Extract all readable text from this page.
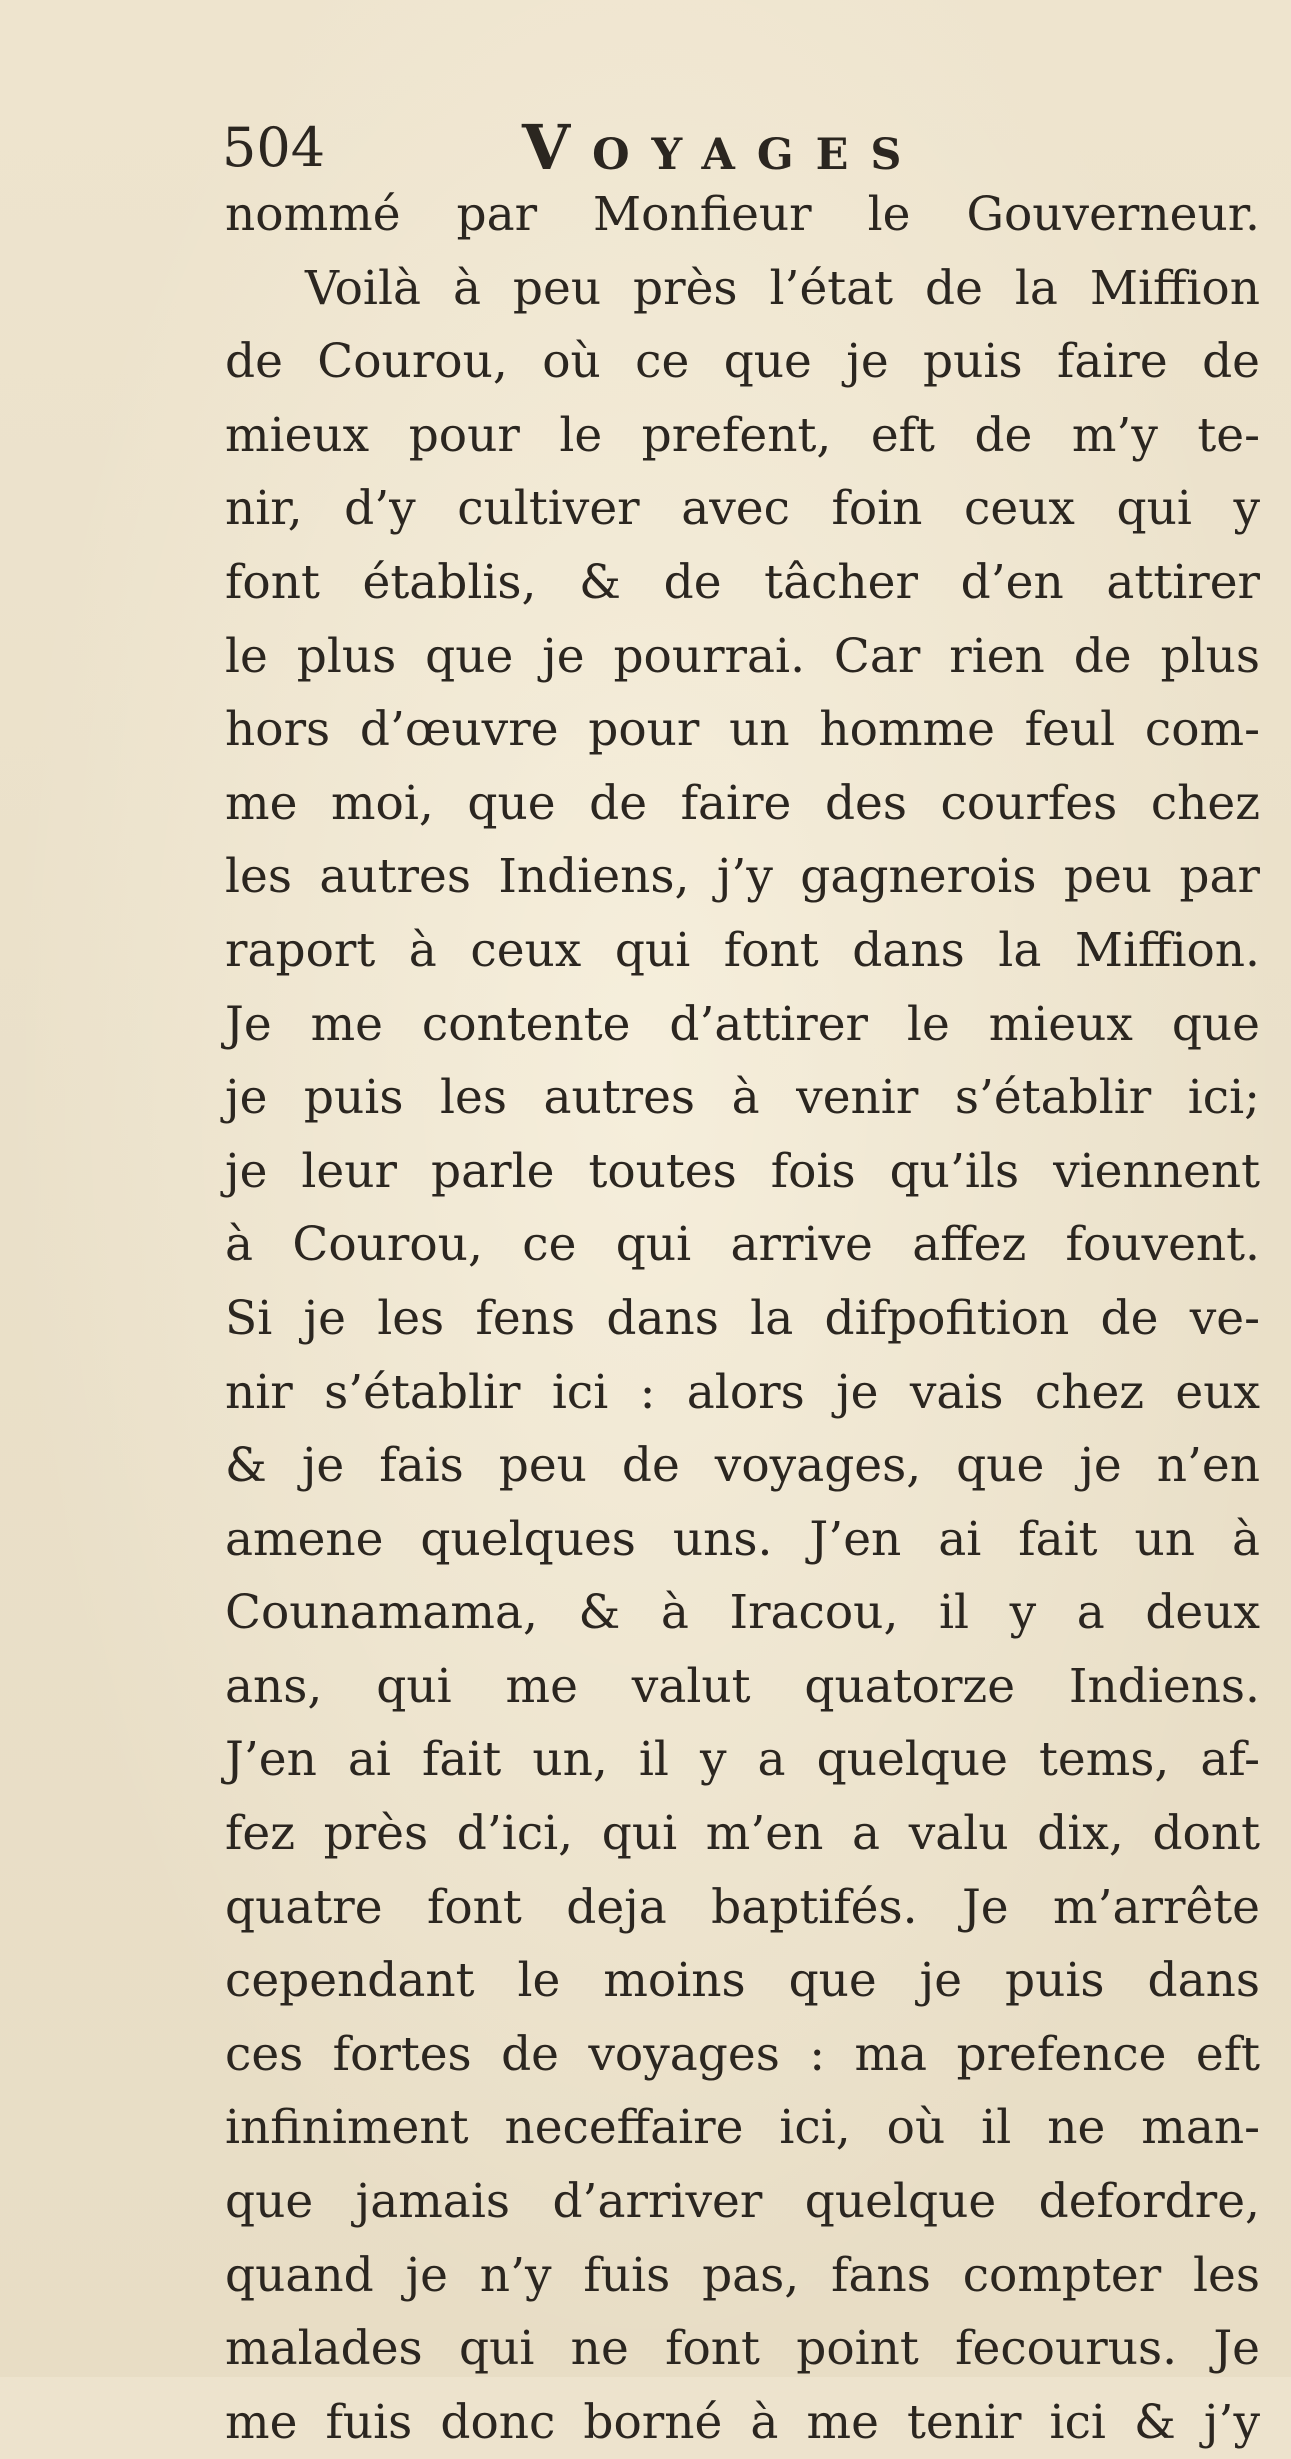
504	Voyages
nommé par Monfieur le Gouverneur.
Voilà à peu près l’état de la Miffion
de Courou, où ce que je puis faire de
mieux pour le prefent, eft de m’y te-
nir, d’y cultiver avec foin ceux qui y
font établis, & de tâcher d’en attirer
le plus que je pourrai. Car rien de plus
hors d’œuvre pour un homme feul com-
me moi, que de faire des courfes chez
les autres Indiens, j’y gagnerois peu par
raport à ceux qui font dans la Miffion.
Je me contente d’attirer le mieux que
je puis les autres à venir s’établir ici;
je leur parle toutes fois qu’ils viennent
à Courou, ce qui arrive affez fouvent.
Si je les fens dans la difpofition de ve-
nir s’établir ici : alors je vais chez eux
& je fais peu de voyages, que je n’en
amene quelques uns. J’en ai fait un à
Counamama, & à Iracou, il y a deux
ans, qui me valut quatorze Indiens.
J’en ai fait un, il y a quelque tems, af-
fez près d’ici, qui m’en a valu dix, dont
quatre font deja baptifés. Je m’arrête
cependant le moins que je puis dans
ces fortes de voyages : ma prefence eft
infiniment neceffaire ici, où il ne man-
que jamais d’arriver quelque defordre,
quand je n’y fuis pas, fans compter les
malades qui ne font point fecourus. Je
me fuis donc borné à me tenir ici & j’y
